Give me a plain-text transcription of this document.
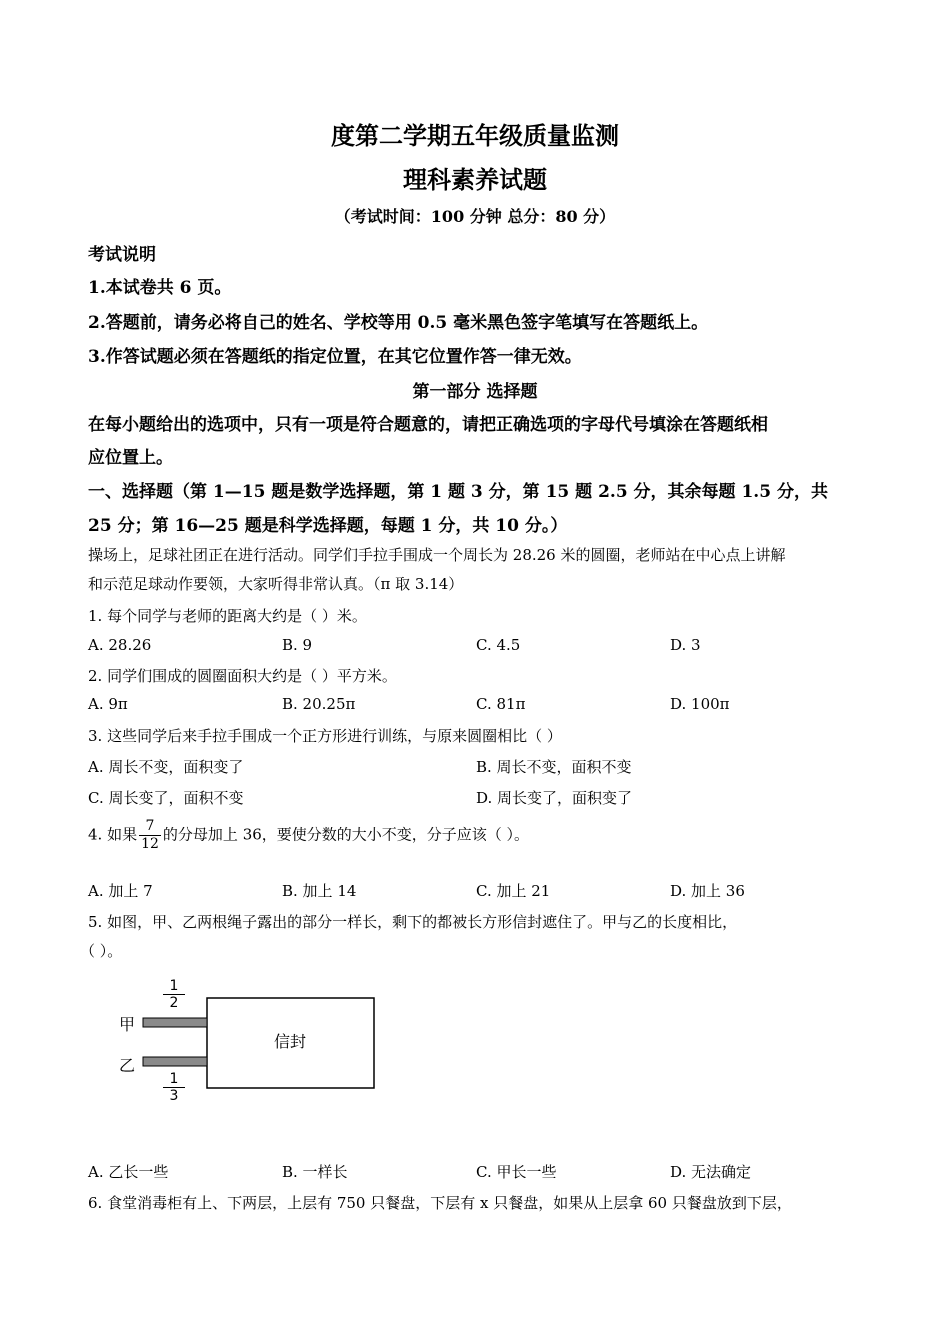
度第二学期五年级质量监测
理科素养试题
（考试时间：100 分钟 总分：80 分）
考试说明
1.本试卷共 6 页。
2.答题前，请务必将自己的姓名、学校等用 0.5 毫米黑色签字笔填写在答题纸上。
3.作答试题必须在答题纸的指定位置，在其它位置作答一律无效。
第一部分 选择题
在每小题给出的选项中，只有一项是符合题意的，请把正确选项的字母代号填涂在答题纸相
应位置上。
一、选择题（第 1—15 题是数学选择题，第 1 题 3 分，第 15 题 2.5 分，其余每题 1.5 分，共
25 分；第 16—25 题是科学选择题，每题 1 分，共 10 分。）
操场上，足球社团正在进行活动。同学们手拉手围成一个周长为 28.26 米的圆圈，老师站在中心点上讲解
和示范足球动作要领，大家听得非常认真。（π 取 3.14）
1. 每个同学与老师的距离大约是（ ）米。
A. 28.26	B. 9	C. 4.5	D. 3
2. 同学们围成的圆圈面积大约是（ ）平方米。
A. 9π	B. 20.25π	C. 81π	D. 100π
3. 这些同学后来手拉手围成一个正方形进行训练，与原来圆圈相比（ ）
A. 周长不变，面积变了	B. 周长不变，面积不变
C. 周长变了，面积不变	D. 周长变了，面积变了
4. 如果 $\frac{7}{12}$ 的分母加上 36，要使分数的大小不变，分子应该（ ）。
A. 加上 7	B. 加上 14	C. 加上 21	D. 加上 36
5. 如图，甲、乙两根绳子露出的部分一样长，剩下的都被长方形信封遮住了。甲与乙的长度相比，
（ ）。
甲
乙
信封
$\frac{1}{2}$
$\frac{1}{3}$
A. 乙长一些	B. 一样长	C. 甲长一些	D. 无法确定
6. 食堂消毒柜有上、下两层，上层有 750 只餐盘，下层有 x 只餐盘，如果从上层拿 60 只餐盘放到下层，
